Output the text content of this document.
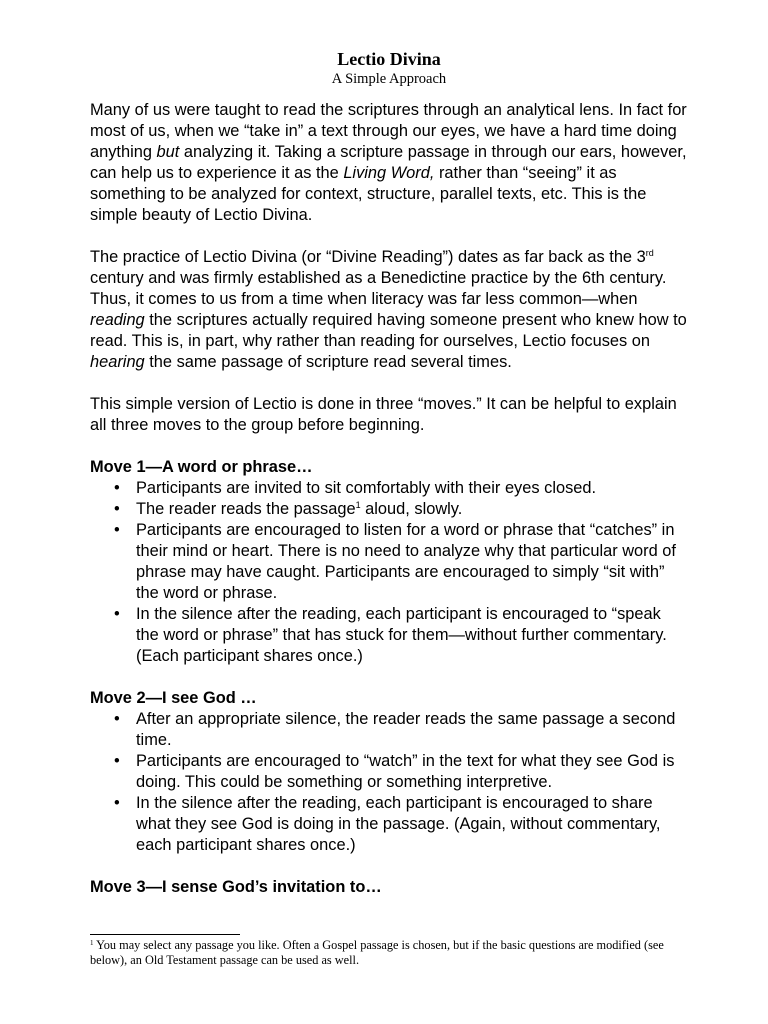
Lectio Divina
A Simple Approach

Many of us were taught to read the scriptures through an analytical lens. In fact for most of us, when we “take in” a text through our eyes, we have a hard time doing anything but analyzing it. Taking a scripture passage in through our ears, however, can help us to experience it as the Living Word, rather than “seeing” it as something to be analyzed for context, structure, parallel texts, etc. This is the simple beauty of Lectio Divina.

The practice of Lectio Divina (or “Divine Reading”) dates as far back as the 3rd century and was firmly established as a Benedictine practice by the 6th century. Thus, it comes to us from a time when literacy was far less common—when reading the scriptures actually required having someone present who knew how to read. This is, in part, why rather than reading for ourselves, Lectio focuses on hearing the same passage of scripture read several times.

This simple version of Lectio is done in three “moves.” It can be helpful to explain all three moves to the group before beginning.

Move 1—A word or phrase…
• Participants are invited to sit comfortably with their eyes closed.
• The reader reads the passage$^1$ aloud, slowly.
• Participants are encouraged to listen for a word or phrase that “catches” in their mind or heart. There is no need to analyze why that particular word of phrase may have caught. Participants are encouraged to simply “sit with” the word or phrase.
• In the silence after the reading, each participant is encouraged to “speak the word or phrase” that has stuck for them—without further commentary. (Each participant shares once.)
Move 2—I see God …
• After an appropriate silence, the reader reads the same passage a second time.
• Participants are encouraged to “watch” in the text for what they see God is doing. This could be something or something interpretive.
• In the silence after the reading, each participant is encouraged to share what they see God is doing in the passage. (Again, without commentary, each participant shares once.)
Move 3—I sense God’s invitation to…
$^1$ You may select any passage you like. Often a Gospel passage is chosen, but if the basic questions are modified (see below), an Old Testament passage can be used as well.
